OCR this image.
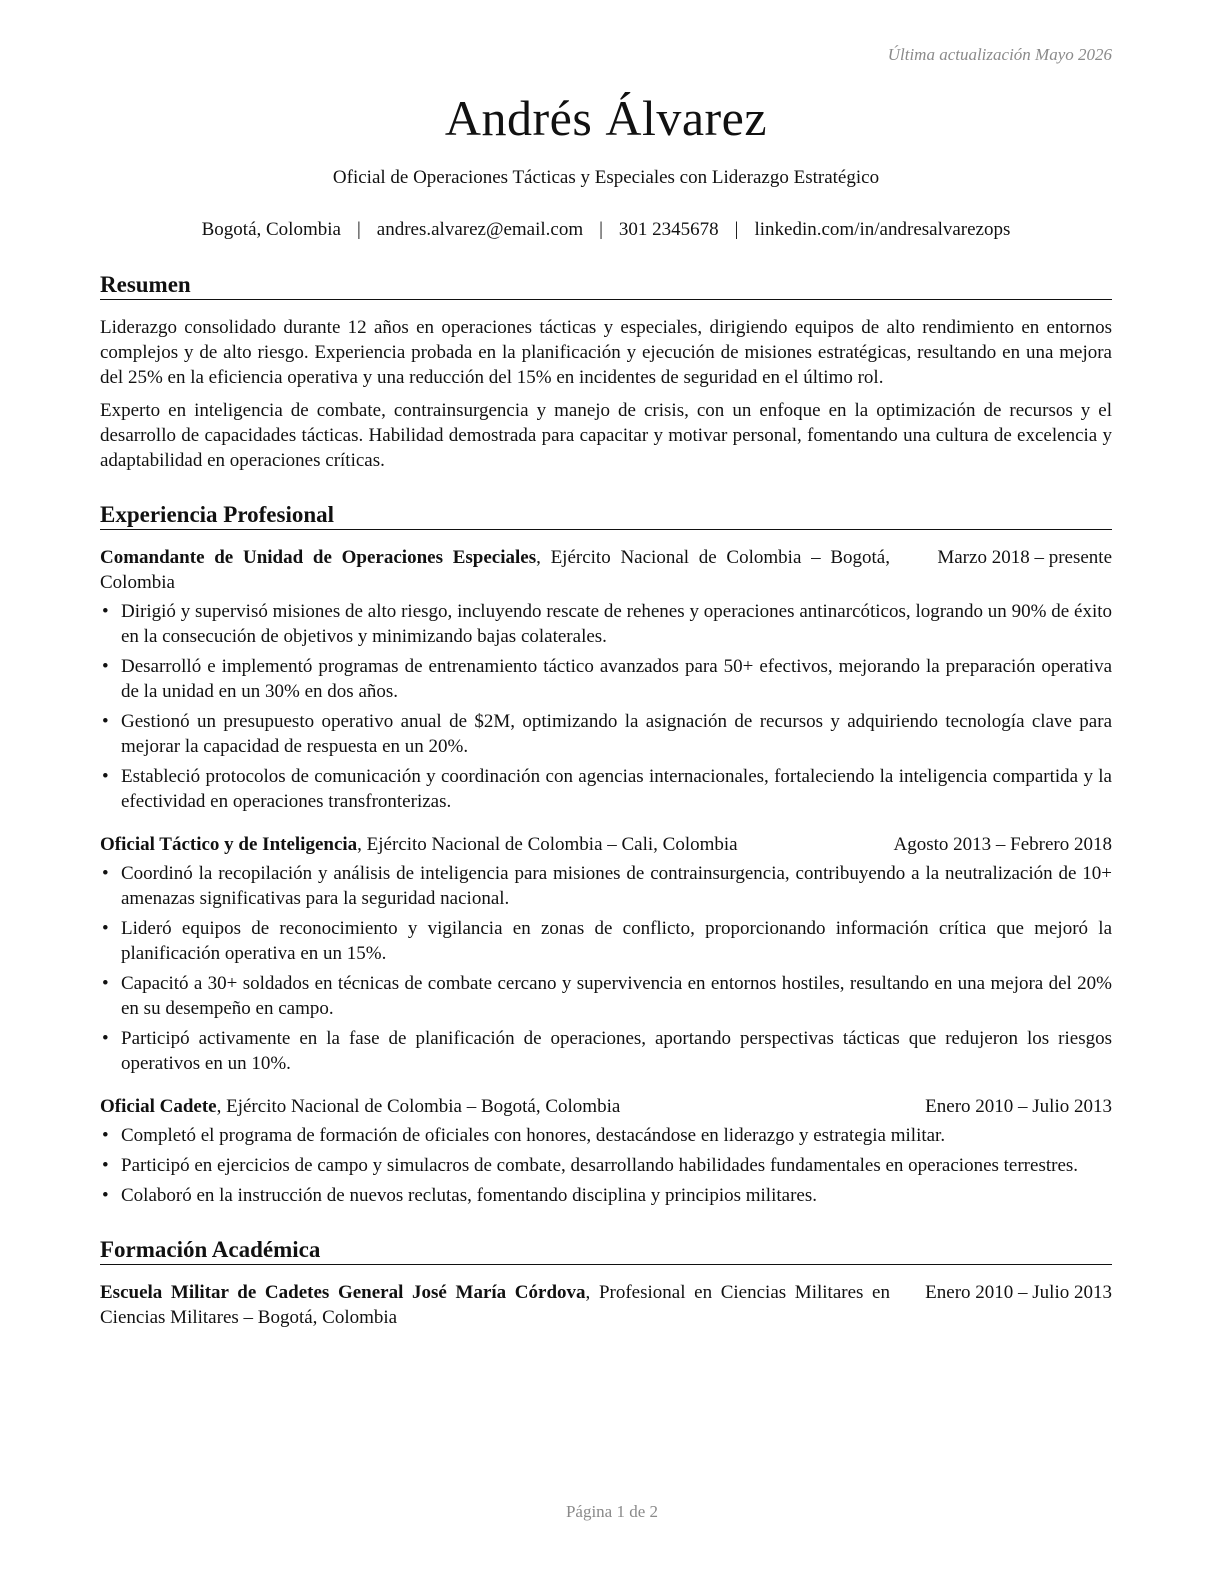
Última actualización Mayo 2026
Andrés Álvarez
Oficial de Operaciones Tácticas y Especiales con Liderazgo Estratégico
Bogotá, Colombia | andres.alvarez@email.com | 301 2345678 | linkedin.com/in/andresalvarezops
Resumen
Liderazgo consolidado durante 12 años en operaciones tácticas y especiales, dirigiendo equipos de alto rendimiento en entornos complejos y de alto riesgo. Experiencia probada en la planificación y ejecución de misiones estratégicas, resultando en una mejora del 25% en la eficiencia operativa y una reducción del 15% en incidentes de seguridad en el último rol.
Experto en inteligencia de combate, contrainsurgencia y manejo de crisis, con un enfoque en la optimización de recursos y el desarrollo de capacidades tácticas. Habilidad demostrada para capacitar y motivar personal, fomentando una cultura de excelencia y adaptabilidad en operaciones críticas.
Experiencia Profesional
Comandante de Unidad de Operaciones Especiales, Ejército Nacional de Colombia – Bogotá, Colombia
Marzo 2018 – presente
• Dirigió y supervisó misiones de alto riesgo, incluyendo rescate de rehenes y operaciones antinarcóticos, logrando un 90% de éxito en la consecución de objetivos y minimizando bajas colaterales.
• Desarrolló e implementó programas de entrenamiento táctico avanzados para 50+ efectivos, mejorando la preparación operativa de la unidad en un 30% en dos años.
• Gestionó un presupuesto operativo anual de $2M, optimizando la asignación de recursos y adquiriendo tecnología clave para mejorar la capacidad de respuesta en un 20%.
• Estableció protocolos de comunicación y coordinación con agencias internacionales, fortaleciendo la inteligencia compartida y la efectividad en operaciones transfronterizas.
Oficial Táctico y de Inteligencia, Ejército Nacional de Colombia – Cali, Colombia	Agosto 2013 – Febrero 2018
• Coordinó la recopilación y análisis de inteligencia para misiones de contrainsurgencia, contribuyendo a la neutralización de 10+ amenazas significativas para la seguridad nacional.
• Lideró equipos de reconocimiento y vigilancia en zonas de conflicto, proporcionando información crítica que mejoró la planificación operativa en un 15%.
• Capacitó a 30+ soldados en técnicas de combate cercano y supervivencia en entornos hostiles, resultando en una mejora del 20% en su desempeño en campo.
• Participó activamente en la fase de planificación de operaciones, aportando perspectivas tácticas que redujeron los riesgos operativos en un 10%.
Oficial Cadete, Ejército Nacional de Colombia – Bogotá, Colombia	Enero 2010 – Julio 2013
• Completó el programa de formación de oficiales con honores, destacándose en liderazgo y estrategia militar.
• Participó en ejercicios de campo y simulacros de combate, desarrollando habilidades fundamentales en operaciones terrestres.
• Colaboró en la instrucción de nuevos reclutas, fomentando disciplina y principios militares.
Formación Académica
Escuela Militar de Cadetes General José María Córdova, Profesional en Ciencias Militares en Ciencias Militares – Bogotá, Colombia
Enero 2010 – Julio 2013
Página 1 de 2
